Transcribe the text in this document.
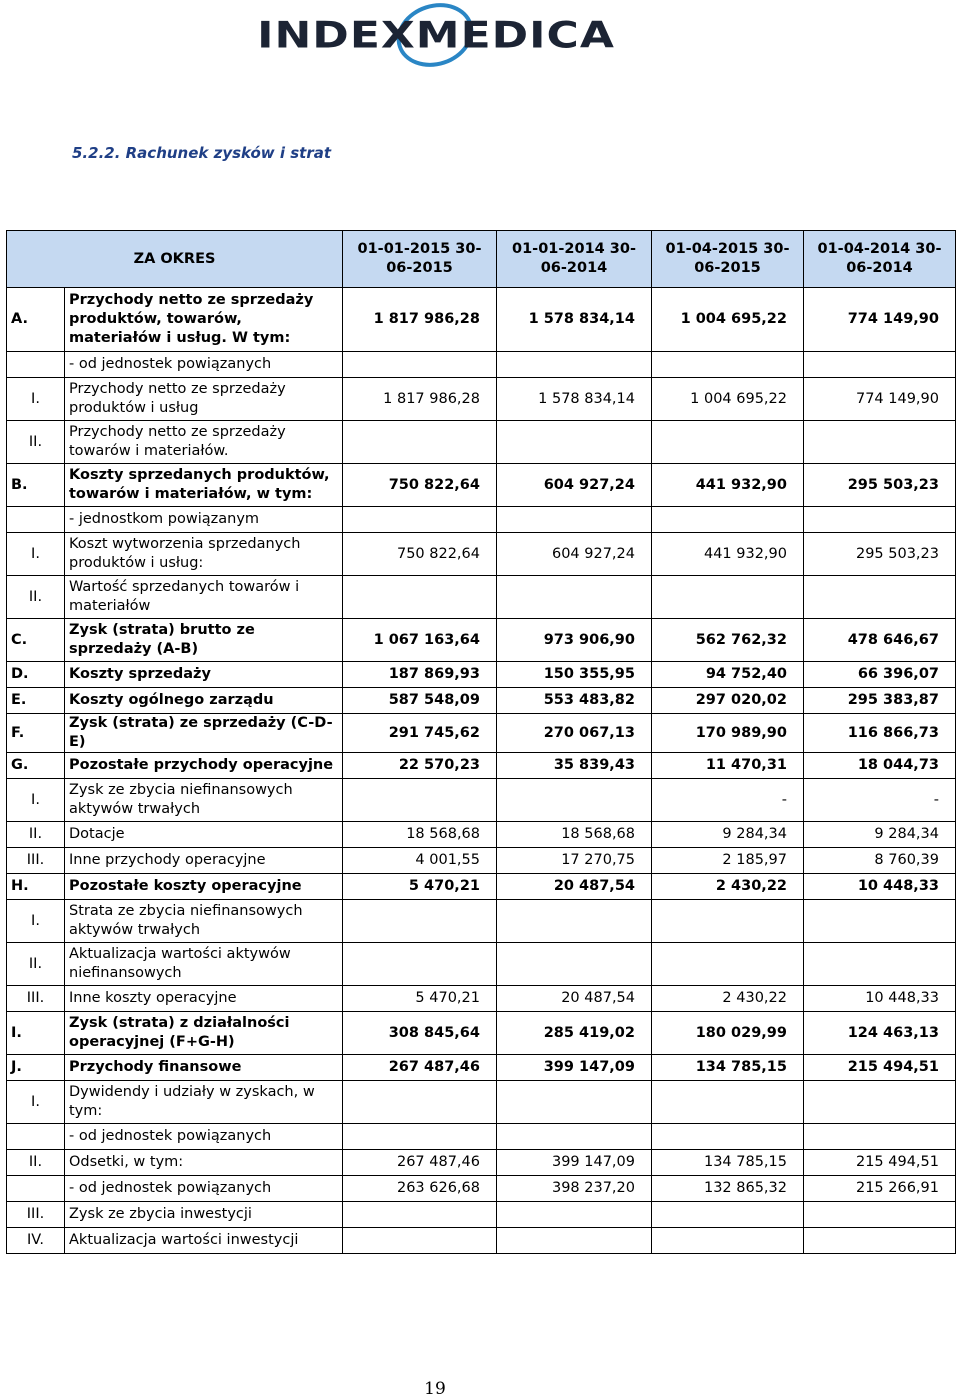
INDEXMEDICA
5.2.2. Rachunek zysków i strat
ZA OKRES		01-01-2015 30-06-2015	01-01-2014 30-06-2014	01-04-2015 30-06-2015	01-04-2014 30-06-2014
A.	Przychody netto ze sprzedaży produktów, towarów, materiałów i usług. W tym:	1 817 986,28	1 578 834,14	1 004 695,22	774 149,90
	- od jednostek powiązanych				
I.	Przychody netto ze sprzedaży produktów i usług	1 817 986,28	1 578 834,14	1 004 695,22	774 149,90
II.	Przychody netto ze sprzedaży towarów i materiałów.				
B.	Koszty sprzedanych produktów, towarów i materiałów, w tym:	750 822,64	604 927,24	441 932,90	295 503,23
	- jednostkom powiązanym				
I.	Koszt wytworzenia sprzedanych produktów i usług:	750 822,64	604 927,24	441 932,90	295 503,23
II.	Wartość sprzedanych towarów i materiałów				
C.	Zysk (strata) brutto ze sprzedaży (A-B)	1 067 163,64	973 906,90	562 762,32	478 646,67
D.	Koszty sprzedaży	187 869,93	150 355,95	94 752,40	66 396,07
E.	Koszty ogólnego zarządu	587 548,09	553 483,82	297 020,02	295 383,87
F.	Zysk (strata) ze sprzedaży (C-D-E)	291 745,62	270 067,13	170 989,90	116 866,73
G.	Pozostałe przychody operacyjne	22 570,23	35 839,43	11 470,31	18 044,73
I.	Zysk ze zbycia niefinansowych aktywów trwałych			-	-
II.	Dotacje	18 568,68	18 568,68	9 284,34	9 284,34
III.	Inne przychody operacyjne	4 001,55	17 270,75	2 185,97	8 760,39
H.	Pozostałe koszty operacyjne	5 470,21	20 487,54	2 430,22	10 448,33
I.	Strata ze zbycia niefinansowych aktywów trwałych				
II.	Aktualizacja wartości aktywów niefinansowych				
III.	Inne koszty operacyjne	5 470,21	20 487,54	2 430,22	10 448,33
I.	Zysk (strata) z działalności operacyjnej (F+G-H)	308 845,64	285 419,02	180 029,99	124 463,13
J.	Przychody finansowe	267 487,46	399 147,09	134 785,15	215 494,51
I.	Dywidendy i udziały w zyskach, w tym:				
	- od jednostek powiązanych				
II.	Odsetki, w tym:	267 487,46	399 147,09	134 785,15	215 494,51
	- od jednostek powiązanych	263 626,68	398 237,20	132 865,32	215 266,91
III.	Zysk ze zbycia inwestycji				
IV.	Aktualizacja wartości inwestycji				
19
